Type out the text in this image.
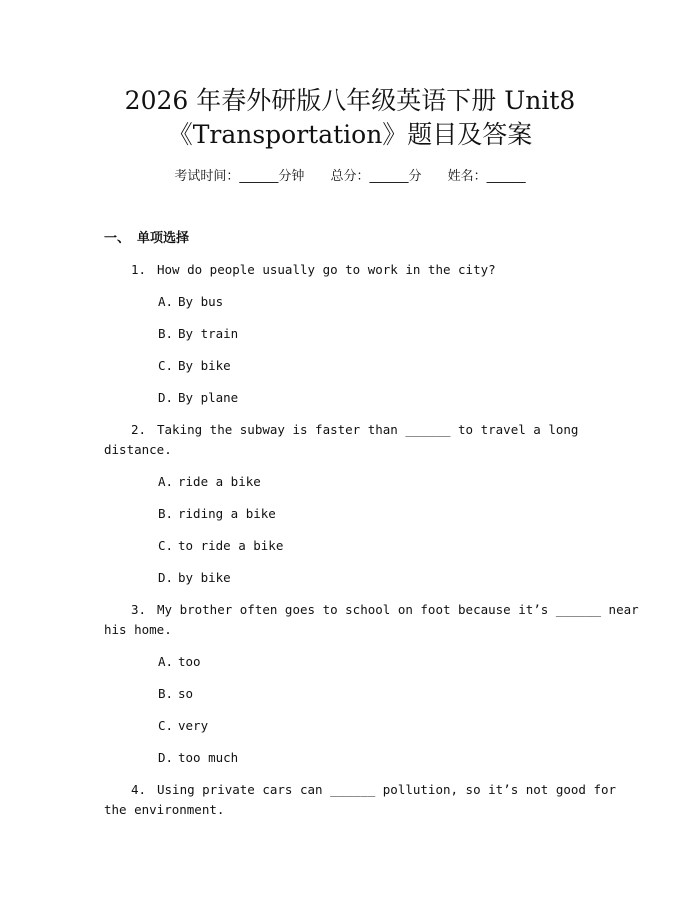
2026 年春外研版八年级英语下册 Unit8
《Transportation》题目及答案
考试时间：______分钟 总分：______分 姓名：______
一、 单项选择
1. How do people usually go to work in the city?
A. By bus
B. By train
C. By bike
D. By plane
2. Taking the subway is faster than ______ to travel a long
distance.
A. ride a bike
B. riding a bike
C. to ride a bike
D. by bike
3. My brother often goes to school on foot because it’s ______ near
his home.
A. too
B. so
C. very
D. too much
4. Using private cars can ______ pollution, so it’s not good for
the environment.
